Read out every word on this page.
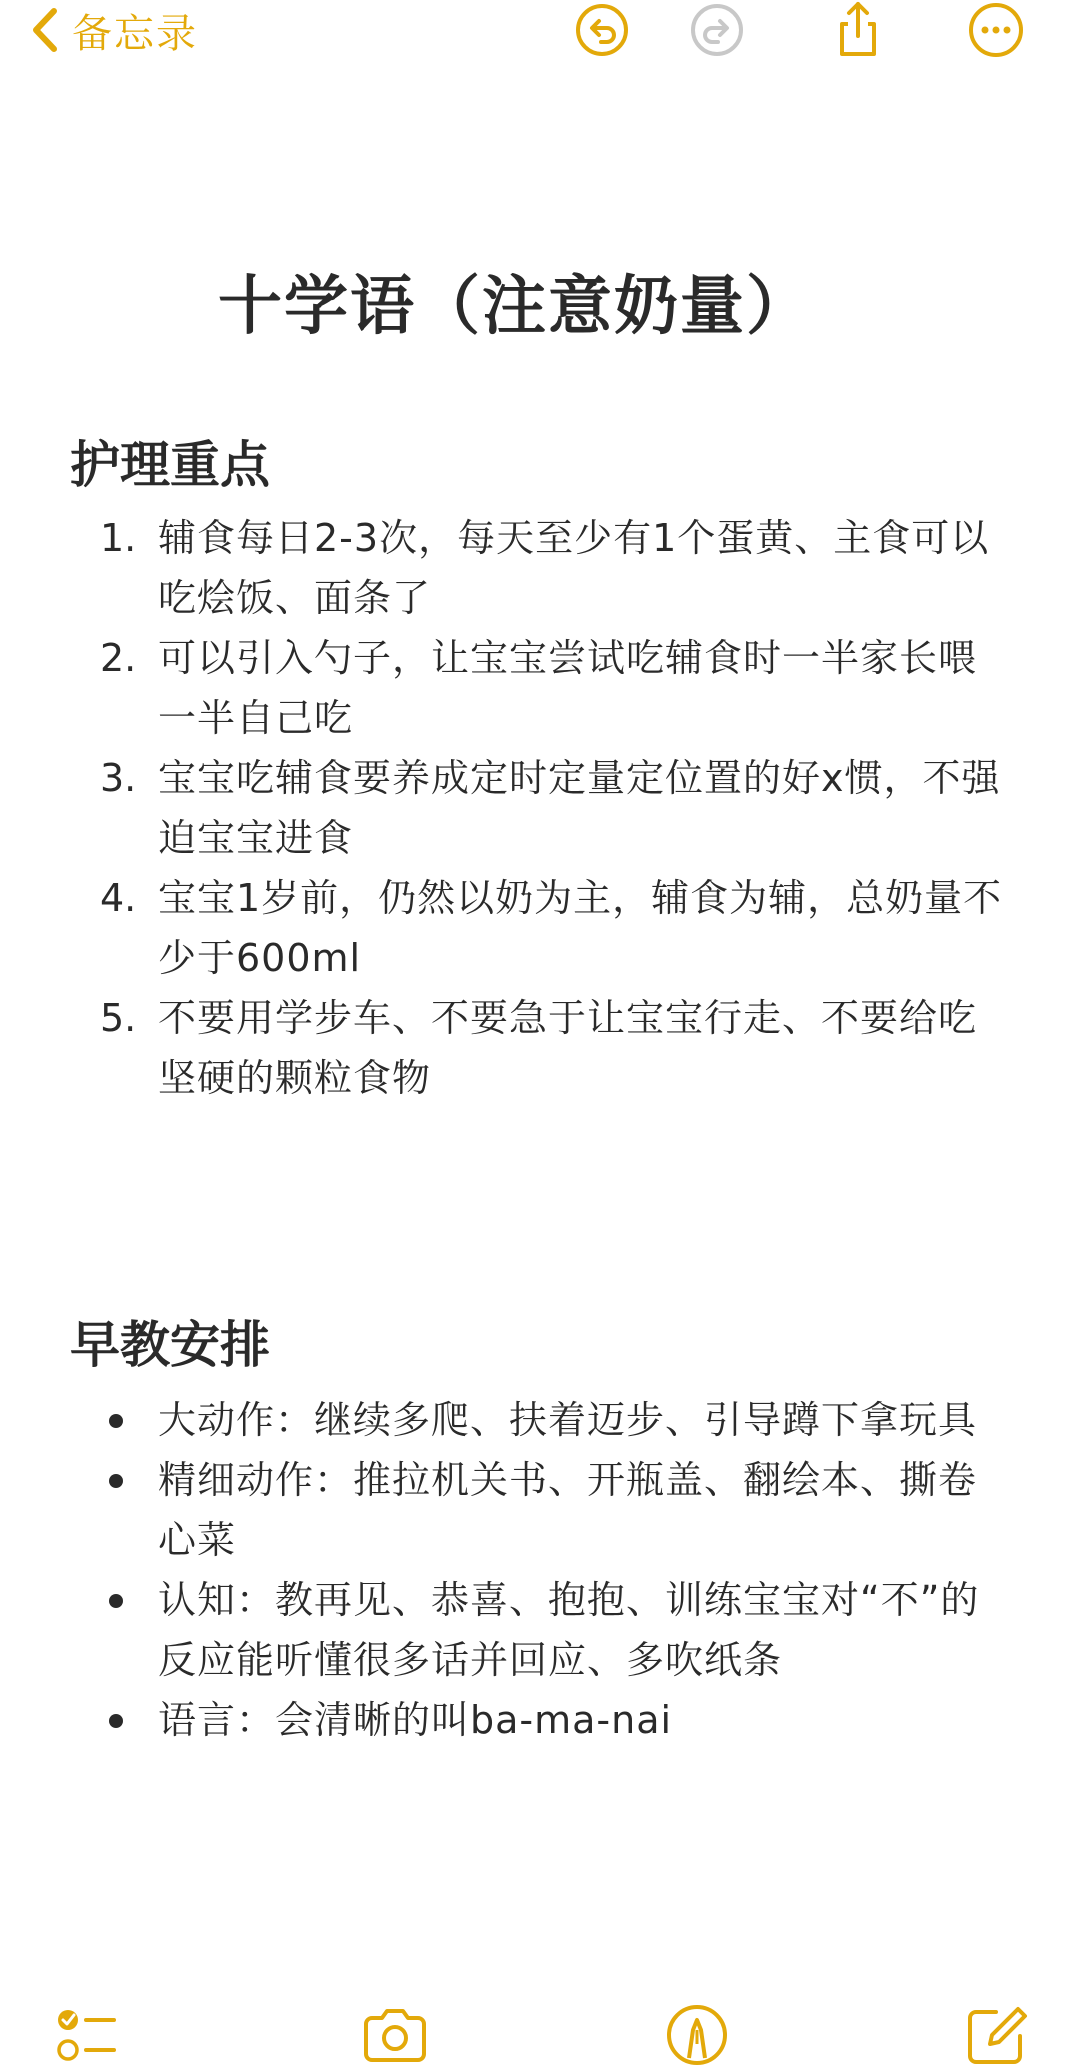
备忘录
十学语（注意奶量）
护理重点
1. 辅食每日2-3次，每天至少有1个蛋黄、主食可以吃烩饭、面条了
2. 可以引入勺子，让宝宝尝试吃辅食时一半家长喂一半自己吃
3. 宝宝吃辅食要养成定时定量定位置的好x惯，不强迫宝宝进食
4. 宝宝1岁前，仍然以奶为主，辅食为辅，总奶量不少于600ml
5. 不要用学步车、不要急于让宝宝行走、不要给吃坚硬的颗粒食物
早教安排
大动作：继续多爬、扶着迈步、引导蹲下拿玩具
精细动作：推拉机关书、开瓶盖、翻绘本、撕卷心菜
认知：教再见、恭喜、抱抱、训练宝宝对“不”的反应能听懂很多话并回应、多吹纸条
语言：会清晰的叫ba-ma-nai
